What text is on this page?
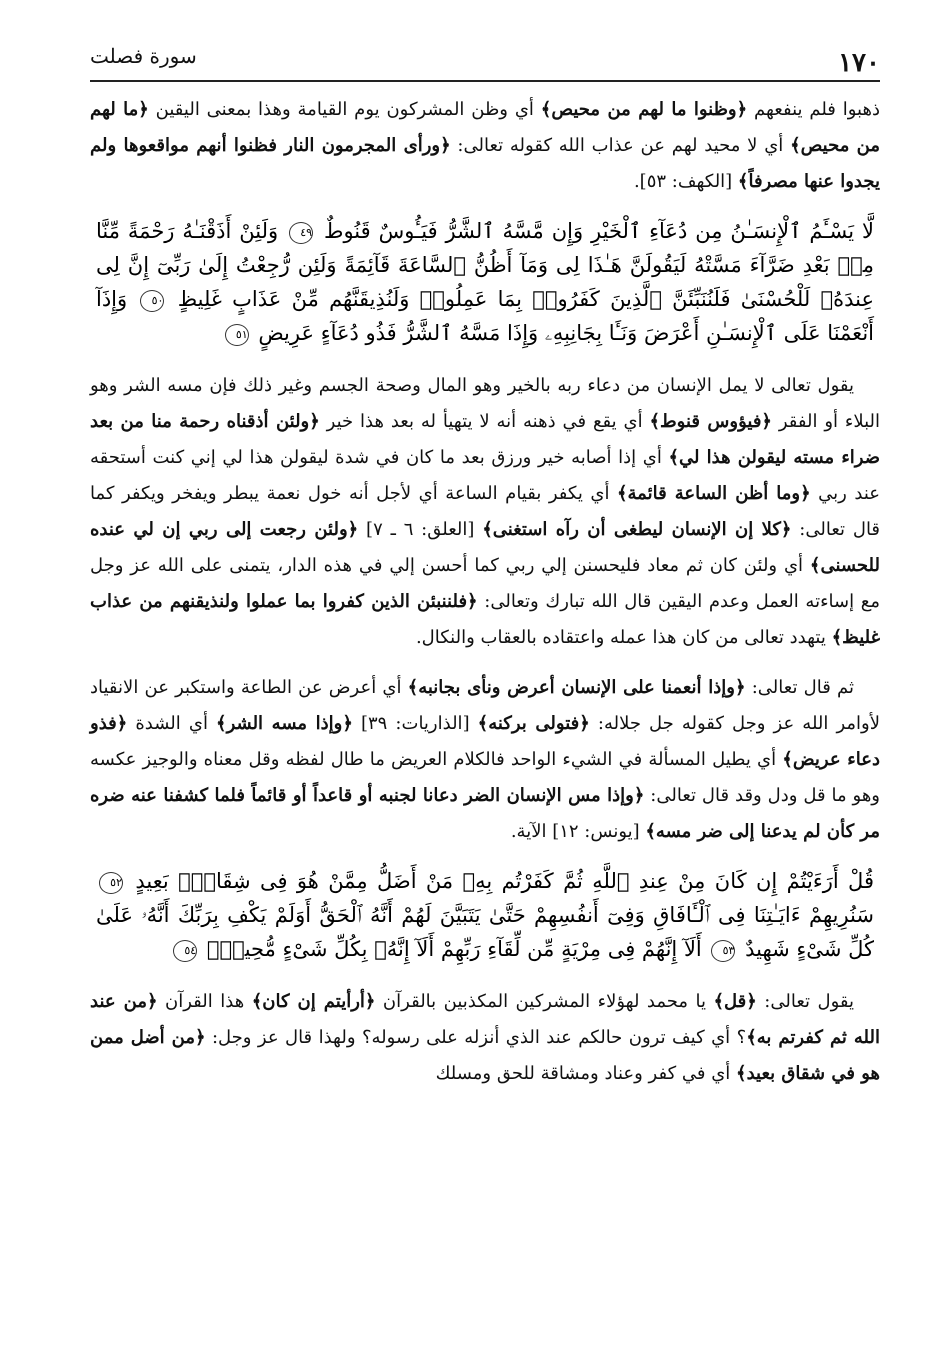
١٧٠
سورة فصلت

ذهبوا فلم ينفعهم ﴿وظنوا ما لهم من محيص﴾ أي وظن المشركون يوم القيامة وهذا بمعنى اليقين ﴿ما لهم من محيص﴾ أي لا محيد لهم عن عذاب الله كقوله تعالى: ﴿ورأى المجرمون النار فظنوا أنهم مواقعوها ولم يجدوا عنها مصرفاً﴾ [الكهف: ٥٣].

لَّا يَسْـَٔمُ ٱلْإِنسَـٰنُ مِن دُعَآءِ ٱلْخَيْرِ وَإِن مَّسَّهُ ٱلشَّرُّ فَيَـُٔوسٌ قَنُوطٌ ٤٩ وَلَئِنْ أَذَقْنَـٰهُ رَحْمَةً مِّنَّا مِنۢ بَعْدِ ضَرَّآءَ مَسَّتْهُ لَيَقُولَنَّ هَـٰذَا لِى وَمَآ أَظُنُّ ٱلسَّاعَةَ قَآئِمَةً وَلَئِن رُّجِعْتُ إِلَىٰ رَبِّىٓ إِنَّ لِى عِندَهُۥ لَلْحُسْنَىٰ فَلَنُنَبِّئَنَّ ٱلَّذِينَ كَفَرُوا۟ بِمَا عَمِلُوا۟ وَلَنُذِيقَنَّهُم مِّنْ عَذَابٍ غَلِيظٍ ٥٠ وَإِذَآ أَنْعَمْنَا عَلَى ٱلْإِنسَـٰنِ أَعْرَضَ وَنَـَٔا بِجَانِبِهِۦ وَإِذَا مَسَّهُ ٱلشَّرُّ فَذُو دُعَآءٍ عَرِيضٍ ٥١

يقول تعالى لا يمل الإنسان من دعاء ربه بالخير وهو المال وصحة الجسم وغير ذلك فإن مسه الشر وهو البلاء أو الفقر ﴿فيؤوس قنوط﴾ أي يقع في ذهنه أنه لا يتهيأ له بعد هذا خير ﴿ولئن أذقناه رحمة منا من بعد ضراء مسته ليقولن هذا لي﴾ أي إذا أصابه خير ورزق بعد ما كان في شدة ليقولن هذا لي إني كنت أستحقه عند ربي ﴿وما أظن الساعة قائمة﴾ أي يكفر بقيام الساعة أي لأجل أنه خول نعمة يبطر ويفخر ويكفر كما قال تعالى: ﴿كلا إن الإنسان ليطغى أن رآه استغنى﴾ [العلق: ٦ ـ ٧] ﴿ولئن رجعت إلى ربي إن لي عنده للحسنى﴾ أي ولئن كان ثم معاد فليحسنن إلي ربي كما أحسن إلي في هذه الدار، يتمنى على الله عز وجل مع إساءته العمل وعدم اليقين قال الله تبارك وتعالى: ﴿فلننبئن الذين كفروا بما عملوا ولنذيقنهم من عذاب غليظ﴾ يتهدد تعالى من كان هذا عمله واعتقاده بالعقاب والنكال.

ثم قال تعالى: ﴿وإذا أنعمنا على الإنسان أعرض ونأى بجانبه﴾ أي أعرض عن الطاعة واستكبر عن الانقياد لأوامر الله عز وجل كقوله جل جلاله: ﴿فتولى بركنه﴾ [الذاريات: ٣٩] ﴿وإذا مسه الشر﴾ أي الشدة ﴿فذو دعاء عريض﴾ أي يطيل المسألة في الشيء الواحد فالكلام العريض ما طال لفظه وقل معناه والوجيز عكسه وهو ما قل ودل وقد قال تعالى: ﴿وإذا مس الإنسان الضر دعانا لجنبه أو قاعداً أو قائماً فلما كشفنا عنه ضره مر كأن لم يدعنا إلى ضر مسه﴾ [يونس: ١٢] الآية.

قُلْ أَرَءَيْتُمْ إِن كَانَ مِنْ عِندِ ٱللَّهِ ثُمَّ كَفَرْتُم بِهِۦ مَنْ أَضَلُّ مِمَّنْ هُوَ فِى شِقَاقٍۭ بَعِيدٍ ٥٢ سَنُرِيهِمْ ءَايَـٰتِنَا فِى ٱلْـَٔافَاقِ وَفِىٓ أَنفُسِهِمْ حَتَّىٰ يَتَبَيَّنَ لَهُمْ أَنَّهُ ٱلْحَقُّ أَوَلَمْ يَكْفِ بِرَبِّكَ أَنَّهُۥ عَلَىٰ كُلِّ شَىْءٍ شَهِيدٌ ٥٣ أَلَآ إِنَّهُمْ فِى مِرْيَةٍ مِّن لِّقَآءِ رَبِّهِمْ أَلَآ إِنَّهُۥ بِكُلِّ شَىْءٍ مُّحِيطٌۢ ٥٤

يقول تعالى: ﴿قل﴾ يا محمد لهؤلاء المشركين المكذبين بالقرآن ﴿أرأيتم إن كان﴾ هذا القرآن ﴿من عند الله ثم كفرتم به﴾؟ أي كيف ترون حالكم عند الذي أنزله على رسوله؟ ولهذا قال عز وجل: ﴿من أضل ممن هو في شقاق بعيد﴾ أي في كفر وعناد ومشاقة للحق ومسلك
